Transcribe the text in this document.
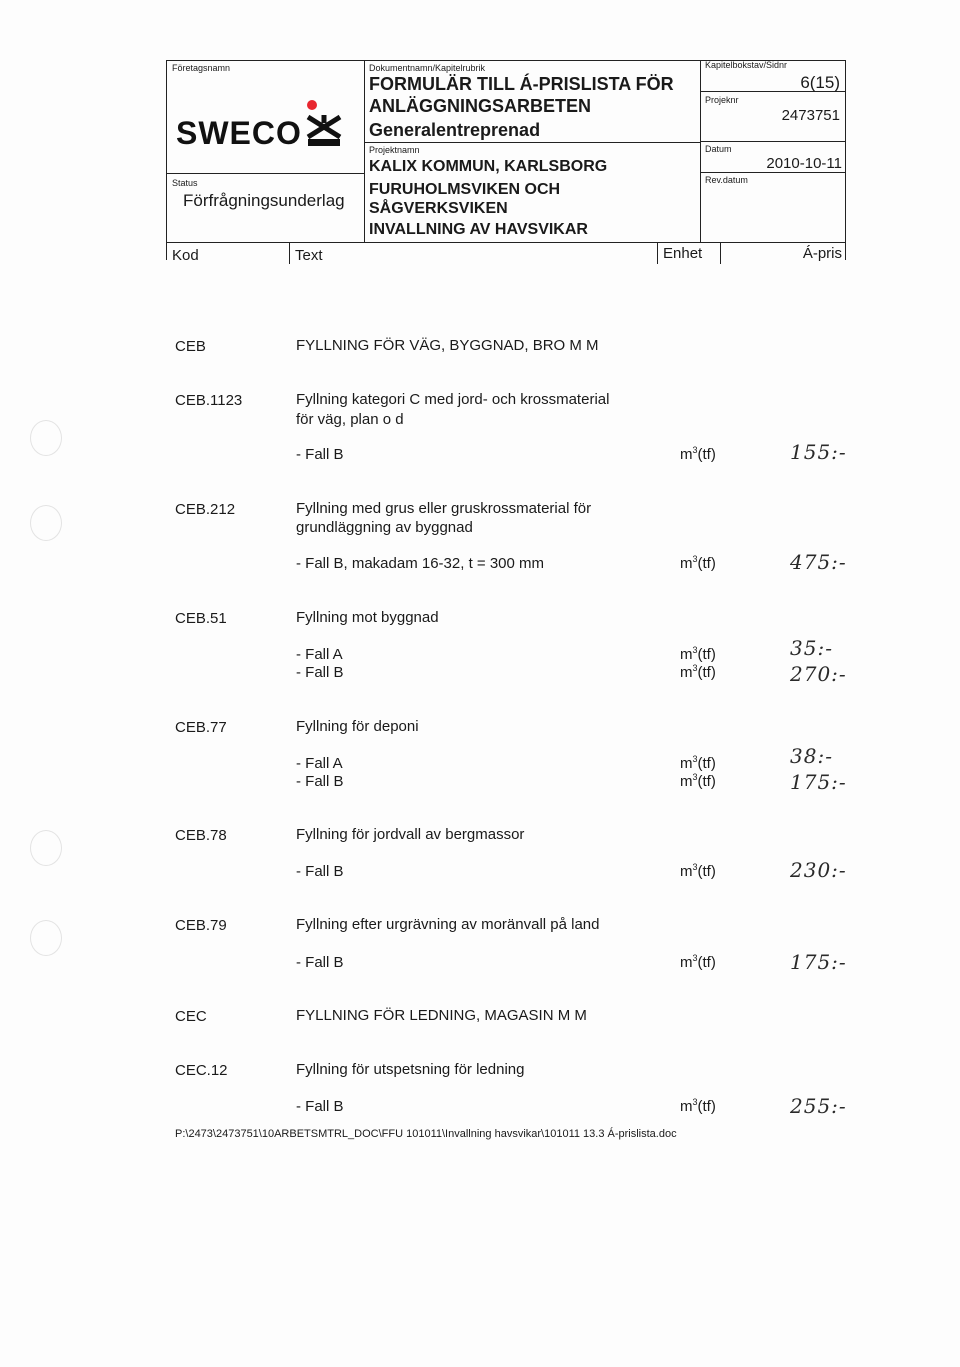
Företagsnamn
SWECO
Status
Förfrågningsunderlag
Dokumentnamn/Kapitelrubrik
FORMULÄR TILL Á-PRISLISTA FÖR
ANLÄGGNINGSARBETEN
Generalentreprenad
Projektnamn
KALIX KOMMUN, KARLSBORG
FURUHOLMSVIKEN OCH
SÅGVERKSVIKEN
INVALLNING AV HAVSVIKAR
Kapitelbokstav/Sidnr
6(15)
Projeknr
2473751
Datum
2010-10-11
Rev.datum
Kod	Text	Enhet	Á-pris
CEB	FYLLNING FÖR VÄG, BYGGNAD, BRO M M
CEB.1123	Fyllning kategori C med jord- och krossmaterial
för väg, plan o d
- Fall B	$m^3(tf)$	155:-
CEB.212	Fyllning med grus eller gruskrossmaterial för
grundläggning av byggnad
- Fall B, makadam 16-32, t = 300 mm	$m^3(tf)$	475:-
CEB.51	Fyllning mot byggnad
- Fall A	$m^3(tf)$	35:-
- Fall B	$m^3(tf)$	270:-
CEB.77	Fyllning för deponi
- Fall A	$m^3(tf)$	38:-
- Fall B	$m^3(tf)$	175:-
CEB.78	Fyllning för jordvall av bergmassor
- Fall B	$m^3(tf)$	230:-
CEB.79	Fyllning efter urgrävning av moränvall på land
- Fall B	$m^3(tf)$	175:-
CEC	FYLLNING FÖR LEDNING, MAGASIN M M
CEC.12	Fyllning för utspetsning för ledning
- Fall B	$m^3(tf)$	255:-
P:\2473\2473751\10ARBETSMTRL_DOC\FFU 101011\Invallning havsvikar\101011 13.3 Á-prislista.doc
